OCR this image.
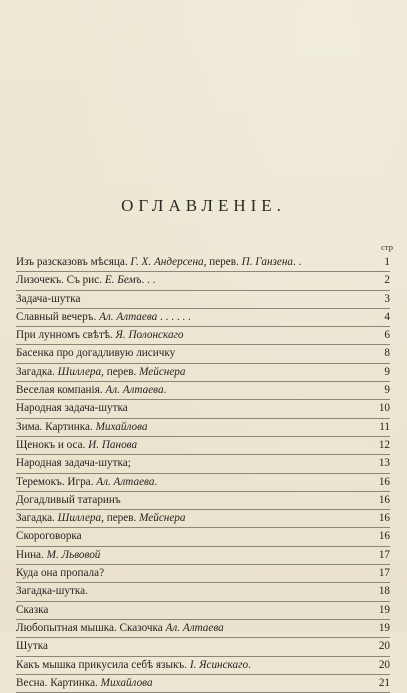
ОГЛАВЛЕНІЕ.
стр
Изъ разсказовъ мѣсяца. Г. Х. Андерсена, перев. П. Ганзена. .	1
Лизочекъ. Съ рис. Е. Бемъ. . .	2
Задача-шутка	3
Славный вечеръ. Ал. Алтаева . . . . . .	4
При лунномъ свѣтѣ. Я. Полонскаго	6
Басенка про догадливую лисичку	8
Загадка. Шиллера, перев. Мейснера	9
Веселая компанія. Ал. Алтаева.	9
Народная задача-шутка	10
Зима. Картинка. Михайлова	11
Щенокъ и оса. И. Панова	12
Народная задача-шутка;	13
Теремокъ. Игра. Ал. Алтаева.	16
Догадливый татаринъ	16
Загадка. Шиллера, перев. Мейснера	16
Скороговорка	16
Нина. М. Львовой	17
Куда она пропала?	17
Загадка-шутка.	18
Сказка	19
Любопытная мышка. Сказочка Ал. Алтаева	19
Шутка	20
Какъ мышка прикусила себѣ языкъ. I. Ясинскаго.	20
Весна. Картинка. Михайлова	21
